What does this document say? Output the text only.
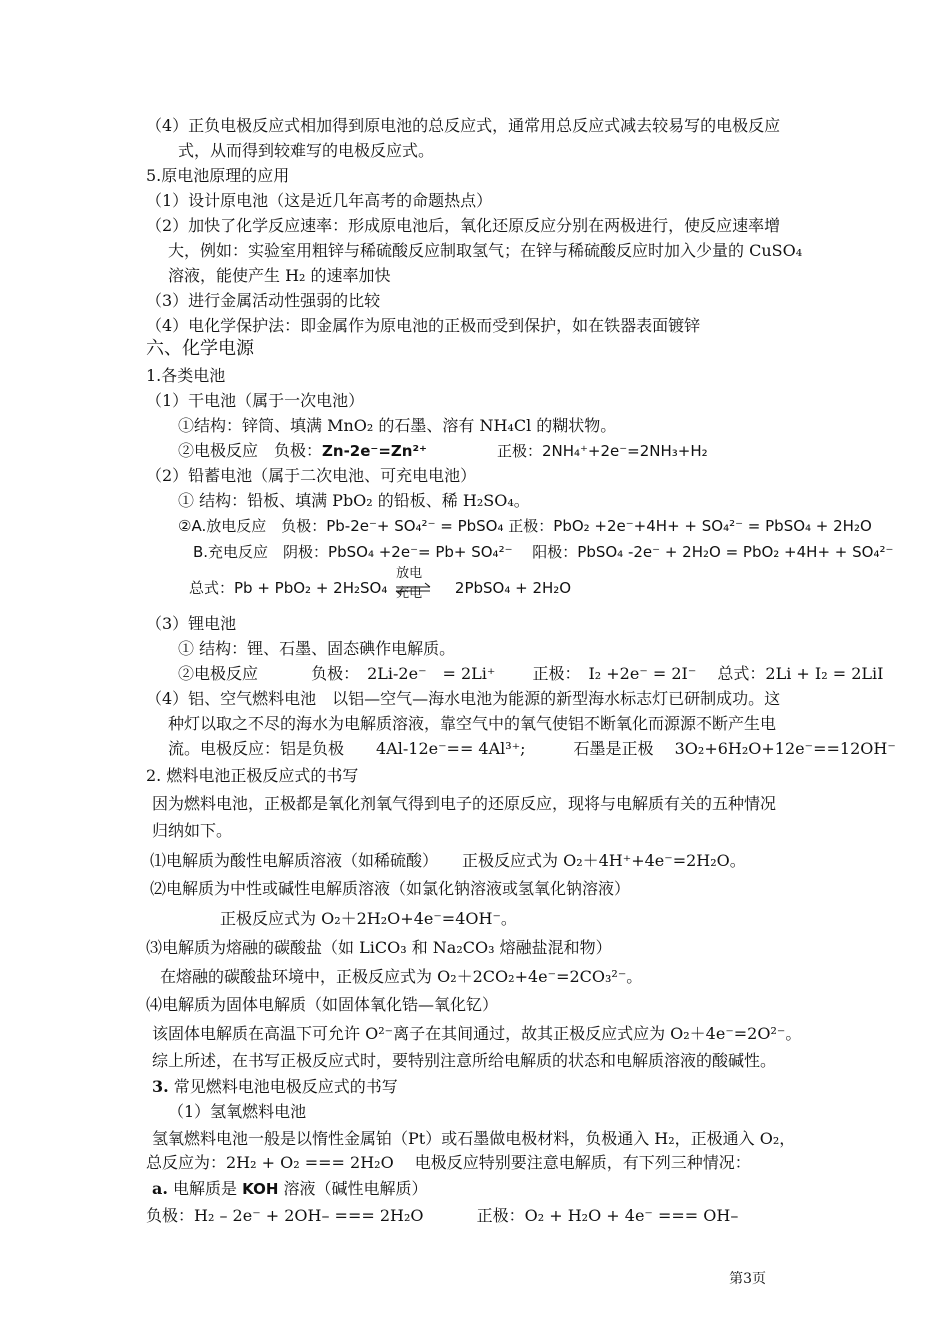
（4）正负电极反应式相加得到原电池的总反应式，通常用总反应式减去较易写的电极反应
式，从而得到较难写的电极反应式。
5.原电池原理的应用
（1）设计原电池（这是近几年高考的命题热点）
（2）加快了化学反应速率：形成原电池后，氧化还原反应分别在两极进行，使反应速率增
大，例如：实验室用粗锌与稀硫酸反应制取氢气；在锌与稀硫酸反应时加入少量的 CuSO₄
溶液，能使产生 H₂ 的速率加快
（3）进行金属活动性强弱的比较
（4）电化学保护法：即金属作为原电池的正极而受到保护，如在铁器表面镀锌
六、化学电源
1.各类电池
（1）干电池（属于一次电池）
①结构：锌筒、填满 MnO₂ 的石墨、溶有 NH₄Cl 的糊状物。
②电极反应　负极：Zn-2e⁻=Zn²⁺	正极：2NH₄⁺+2e⁻=2NH₃+H₂
（2）铅蓄电池（属于二次电池、可充电电池）
① 结构：铅板、填满 PbO₂ 的铅板、稀 H₂SO₄。
②A.放电反应　负极：Pb-2e⁻+ SO₄²⁻ = PbSO₄ 正极：PbO₂ +2e⁻+4H+ + SO₄²⁻ = PbSO₄ + 2H₂O
B.充电反应　阴极：PbSO₄ +2e⁻= Pb+ SO₄²⁻　 阳极：PbSO₄ -2e⁻ + 2H₂O = PbO₂ +4H+ + SO₄²⁻
总式：Pb + PbO₂ + 2H₂SO₄
放电
充电 2PbSO₄ + 2H₂O
（3）锂电池
① 结构：锂、石墨、固态碘作电解质。
②电极反应　　　 负极：　2Li-2e⁻　= 2Li⁺　　 正极：　I₂ +2e⁻ = 2I⁻　 总式：2Li + I₂ = 2LiI
（4）铝、空气燃料电池　以铝—空气—海水电池为能源的新型海水标志灯已研制成功。这
种灯以取之不尽的海水为电解质溶液，靠空气中的氧气使铝不断氧化而源源不断产生电
流。电极反应：铝是负极　　4Al-12e⁻== 4Al³⁺;　　　石墨是正极　 3O₂+6H₂O+12e⁻==12OH⁻
2. 燃料电池正极反应式的书写
因为燃料电池，正极都是氧化剂氧气得到电子的还原反应，现将与电解质有关的五种情况
归纳如下。
⑴电解质为酸性电解质溶液（如稀硫酸）　　正极反应式为 O₂＋4H⁺+4e⁻=2H₂O。
⑵电解质为中性或碱性电解质溶液（如氯化钠溶液或氢氧化钠溶液）
正极反应式为 O₂＋2H₂O+4e⁻=4OH⁻。
⑶电解质为熔融的碳酸盐（如 LiCO₃ 和 Na₂CO₃ 熔融盐混和物）
在熔融的碳酸盐环境中，正极反应式为 O₂＋2CO₂+4e⁻=2CO₃²⁻。
⑷电解质为固体电解质（如固体氧化锆—氧化钇）
该固体电解质在高温下可允许 O²⁻离子在其间通过，故其正极反应式应为 O₂＋4e⁻=2O²⁻。
综上所述，在书写正极反应式时，要特别注意所给电解质的状态和电解质溶液的酸碱性。
3. 常见燃料电池电极反应式的书写
（1）氢氧燃料电池
氢氧燃料电池一般是以惰性金属铂（Pt）或石墨做电极材料，负极通入 H₂，正极通入 O₂，
总反应为：2H₂ + O₂ === 2H₂O　 电极反应特别要注意电解质，有下列三种情况：
a. 电解质是 KOH 溶液（碱性电解质）
负极：H₂ – 2e⁻ + 2OH– === 2H₂O　　　 正极：O₂ + H₂O + 4e⁻ === OH–
第3页
